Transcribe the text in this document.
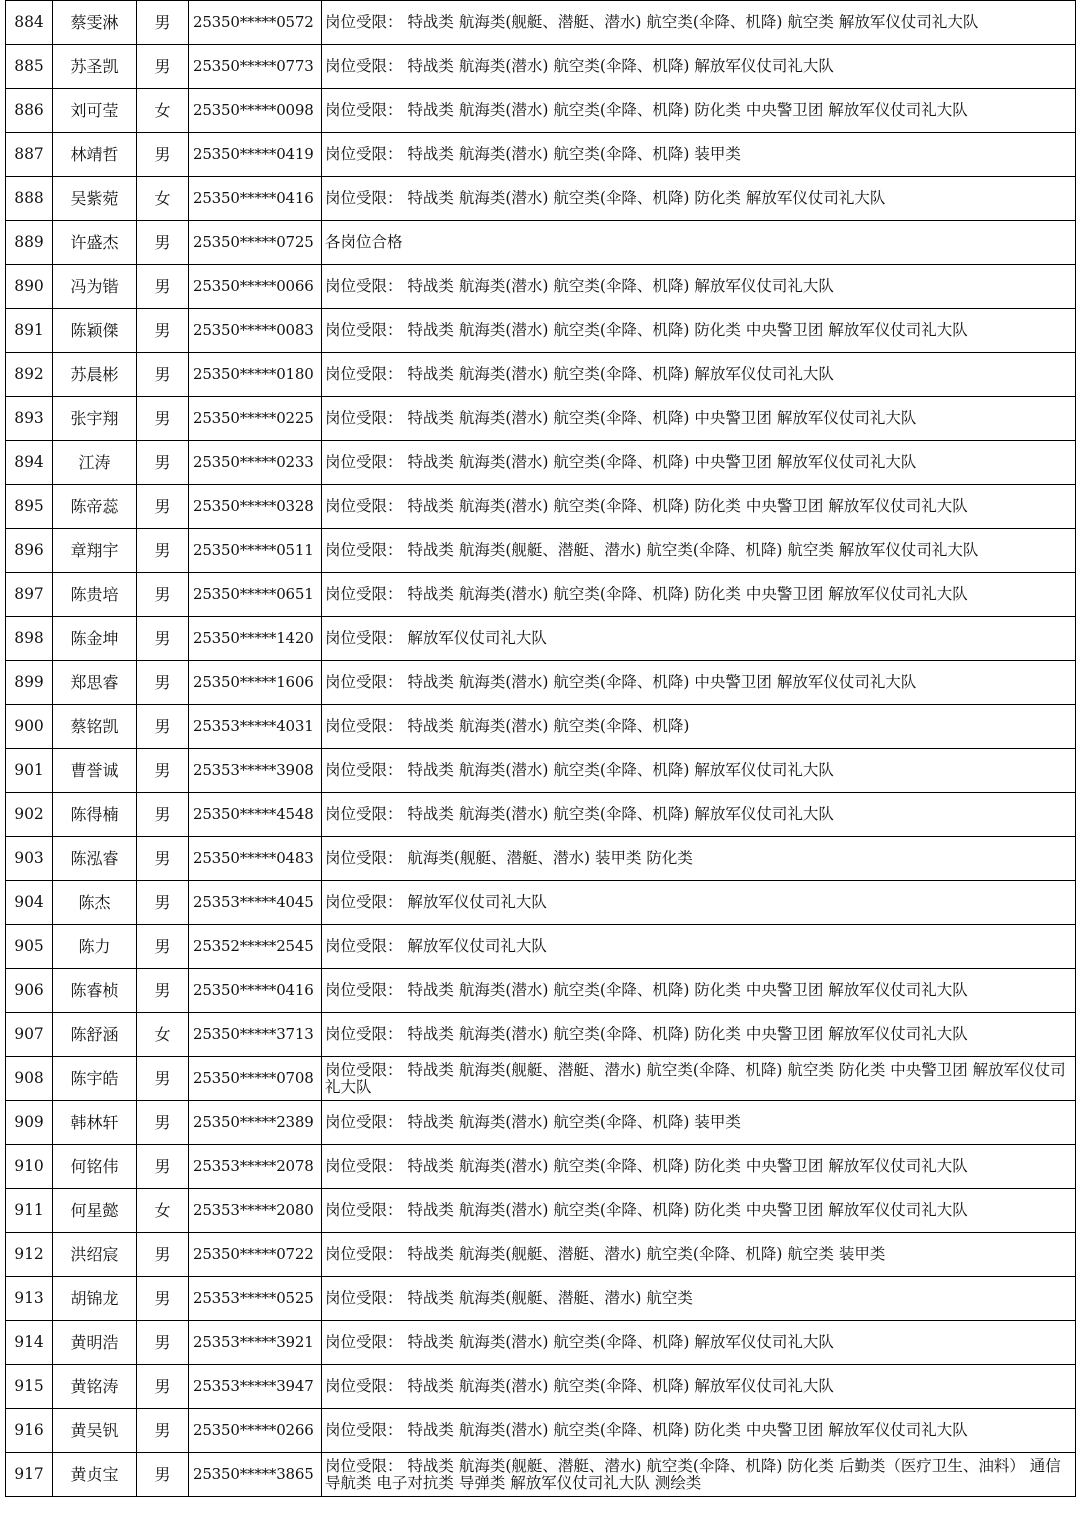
884	蔡雯淋	男	25350*****0572	岗位受限： 特战类 航海类(舰艇、潜艇、潜水) 航空类(伞降、机降) 航空类 解放军仪仗司礼大队
885	苏圣凯	男	25350*****0773	岗位受限： 特战类 航海类(潜水) 航空类(伞降、机降) 解放军仪仗司礼大队
886	刘可莹	女	25350*****0098	岗位受限： 特战类 航海类(潜水) 航空类(伞降、机降) 防化类 中央警卫团 解放军仪仗司礼大队
887	林靖哲	男	25350*****0419	岗位受限： 特战类 航海类(潜水) 航空类(伞降、机降) 装甲类
888	吴紫菀	女	25350*****0416	岗位受限： 特战类 航海类(潜水) 航空类(伞降、机降) 防化类 解放军仪仗司礼大队
889	许盛杰	男	25350*****0725	各岗位合格
890	冯为锴	男	25350*****0066	岗位受限： 特战类 航海类(潜水) 航空类(伞降、机降) 解放军仪仗司礼大队
891	陈颖傑	男	25350*****0083	岗位受限： 特战类 航海类(潜水) 航空类(伞降、机降) 防化类 中央警卫团 解放军仪仗司礼大队
892	苏晨彬	男	25350*****0180	岗位受限： 特战类 航海类(潜水) 航空类(伞降、机降) 解放军仪仗司礼大队
893	张宇翔	男	25350*****0225	岗位受限： 特战类 航海类(潜水) 航空类(伞降、机降) 中央警卫团 解放军仪仗司礼大队
894	江涛	男	25350*****0233	岗位受限： 特战类 航海类(潜水) 航空类(伞降、机降) 中央警卫团 解放军仪仗司礼大队
895	陈帝蕊	男	25350*****0328	岗位受限： 特战类 航海类(潜水) 航空类(伞降、机降) 防化类 中央警卫团 解放军仪仗司礼大队
896	章翔宇	男	25350*****0511	岗位受限： 特战类 航海类(舰艇、潜艇、潜水) 航空类(伞降、机降) 航空类 解放军仪仗司礼大队
897	陈贵培	男	25350*****0651	岗位受限： 特战类 航海类(潜水) 航空类(伞降、机降) 防化类 中央警卫团 解放军仪仗司礼大队
898	陈金坤	男	25350*****1420	岗位受限： 解放军仪仗司礼大队
899	郑思睿	男	25350*****1606	岗位受限： 特战类 航海类(潜水) 航空类(伞降、机降) 中央警卫团 解放军仪仗司礼大队
900	蔡铭凯	男	25353*****4031	岗位受限： 特战类 航海类(潜水) 航空类(伞降、机降)
901	曹誉诚	男	25353*****3908	岗位受限： 特战类 航海类(潜水) 航空类(伞降、机降) 解放军仪仗司礼大队
902	陈得楠	男	25350*****4548	岗位受限： 特战类 航海类(潜水) 航空类(伞降、机降) 解放军仪仗司礼大队
903	陈泓睿	男	25350*****0483	岗位受限： 航海类(舰艇、潜艇、潜水) 装甲类 防化类
904	陈杰	男	25353*****4045	岗位受限： 解放军仪仗司礼大队
905	陈力	男	25352*****2545	岗位受限： 解放军仪仗司礼大队
906	陈睿桢	男	25350*****0416	岗位受限： 特战类 航海类(潜水) 航空类(伞降、机降) 防化类 中央警卫团 解放军仪仗司礼大队
907	陈舒涵	女	25350*****3713	岗位受限： 特战类 航海类(潜水) 航空类(伞降、机降) 防化类 中央警卫团 解放军仪仗司礼大队
908	陈宇皓	男	25350*****0708	岗位受限： 特战类 航海类(舰艇、潜艇、潜水) 航空类(伞降、机降) 航空类 防化类 中央警卫团 解放军仪仗司礼大队
909	韩林轩	男	25350*****2389	岗位受限： 特战类 航海类(潜水) 航空类(伞降、机降) 装甲类
910	何铭伟	男	25353*****2078	岗位受限： 特战类 航海类(潜水) 航空类(伞降、机降) 防化类 中央警卫团 解放军仪仗司礼大队
911	何星懿	女	25353*****2080	岗位受限： 特战类 航海类(潜水) 航空类(伞降、机降) 防化类 中央警卫团 解放军仪仗司礼大队
912	洪绍宸	男	25350*****0722	岗位受限： 特战类 航海类(舰艇、潜艇、潜水) 航空类(伞降、机降) 航空类 装甲类
913	胡锦龙	男	25353*****0525	岗位受限： 特战类 航海类(舰艇、潜艇、潜水) 航空类
914	黄明浩	男	25353*****3921	岗位受限： 特战类 航海类(潜水) 航空类(伞降、机降) 解放军仪仗司礼大队
915	黄铭涛	男	25353*****3947	岗位受限： 特战类 航海类(潜水) 航空类(伞降、机降) 解放军仪仗司礼大队
916	黄吴钒	男	25350*****0266	岗位受限： 特战类 航海类(潜水) 航空类(伞降、机降) 防化类 中央警卫团 解放军仪仗司礼大队
917	黄贞宝	男	25350*****3865	岗位受限： 特战类 航海类(舰艇、潜艇、潜水) 航空类(伞降、机降) 防化类 后勤类（医疗卫生、油料） 通信导航类 电子对抗类 导弹类 解放军仪仗司礼大队 测绘类
